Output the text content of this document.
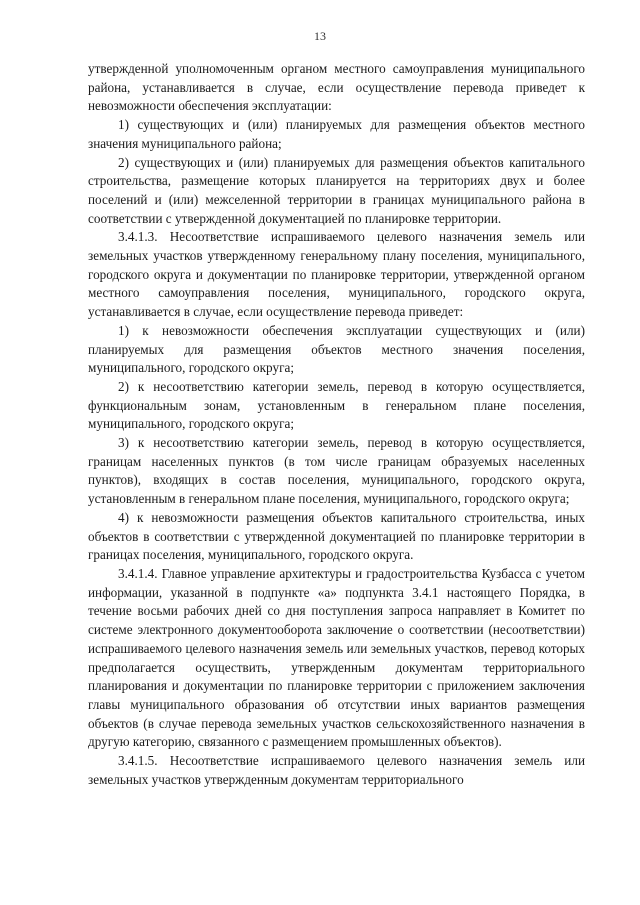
13

утвержденной уполномоченным органом местного самоуправления муниципального района, устанавливается в случае, если осуществление перевода приведет к невозможности обеспечения эксплуатации:

1) существующих и (или) планируемых для размещения объектов местного значения муниципального района;

2) существующих и (или) планируемых для размещения объектов капитального строительства, размещение которых планируется на территориях двух и более поселений и (или) межселенной территории в границах муниципального района в соответствии с утвержденной документацией по планировке территории.

3.4.1.3. Несоответствие испрашиваемого целевого назначения земель или земельных участков утвержденному генеральному плану поселения, муниципального, городского округа и документации по планировке территории, утвержденной органом местного самоуправления поселения, муниципального, городского округа, устанавливается в случае, если осуществление перевода приведет:

1) к невозможности обеспечения эксплуатации существующих и (или) планируемых для размещения объектов местного значения поселения, муниципального, городского округа;

2) к несоответствию категории земель, перевод в которую осуществляется, функциональным зонам, установленным в генеральном плане поселения, муниципального, городского округа;

3) к несоответствию категории земель, перевод в которую осуществляется, границам населенных пунктов (в том числе границам образуемых населенных пунктов), входящих в состав поселения, муниципального, городского округа, установленным в генеральном плане поселения, муниципального, городского округа;

4) к невозможности размещения объектов капитального строительства, иных объектов в соответствии с утвержденной документацией по планировке территории в границах поселения, муниципального, городского округа.

3.4.1.4. Главное управление архитектуры и градостроительства Кузбасса с учетом информации, указанной в подпункте «а» подпункта 3.4.1 настоящего Порядка, в течение восьми рабочих дней со дня поступления запроса направляет в Комитет по системе электронного документооборота заключение о соответствии (несоответствии) испрашиваемого целевого назначения земель или земельных участков, перевод которых предполагается осуществить, утвержденным документам территориального планирования и документации по планировке территории с приложением заключения главы муниципального образования об отсутствии иных вариантов размещения объектов (в случае перевода земельных участков сельскохозяйственного назначения в другую категорию, связанного с размещением промышленных объектов).

3.4.1.5. Несоответствие испрашиваемого целевого назначения земель или земельных участков утвержденным документам территориального
